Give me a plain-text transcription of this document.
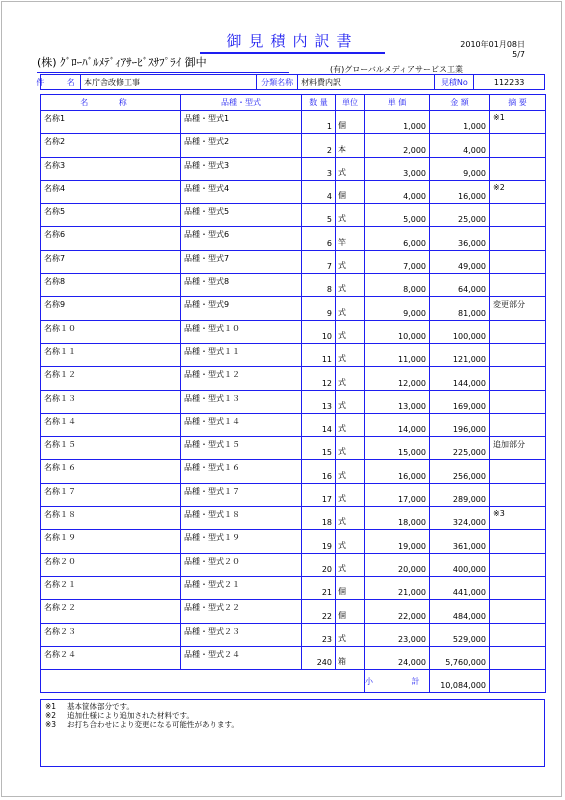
御見積内訳書	2010年01月08日
5/7
(株) ｸﾞﾛｰﾊﾞﾙﾒﾃﾞｨｱｻｰﾋﾞｽｻﾌﾟﾗｲ 御中
(有)グローバルメディアサービス工業
件 名 本庁舎改修工事	分類名称 材料費内訳	見積No	112233
名 称	品種・型式	数 量	単位	単 価	金 額	摘 要

名称1	品種・型式1	1	個	1,000	1,000	※1

名称2	品種・型式2	2	本	2,000	4,000	

名称3	品種・型式3	3	式	3,000	9,000	

名称4	品種・型式4	4	個	4,000	16,000	※2

名称5	品種・型式5	5	式	5,000	25,000	

名称6	品種・型式6	6	竿	6,000	36,000	

名称7	品種・型式7	7	式	7,000	49,000	

名称8	品種・型式8	8	式	8,000	64,000	

名称9	品種・型式9	9	式	9,000	81,000	変更部分

名称１０	品種・型式１０	10	式	10,000	100,000	

名称１１	品種・型式１１	11	式	11,000	121,000	

名称１２	品種・型式１２	12	式	12,000	144,000	

名称１３	品種・型式１３	13	式	13,000	169,000	

名称１４	品種・型式１４	14	式	14,000	196,000	

名称１５	品種・型式１５	15	式	15,000	225,000	追加部分

名称１６	品種・型式１６	16	式	16,000	256,000	

名称１７	品種・型式１７	17	式	17,000	289,000	

名称１８	品種・型式１８	18	式	18,000	324,000	※3

名称１９	品種・型式１９	19	式	19,000	361,000	

名称２０	品種・型式２０	20	式	20,000	400,000	

名称２１	品種・型式２１	21	個	21,000	441,000	

名称２２	品種・型式２２	22	個	22,000	484,000	

名称２３	品種・型式２３	23	式	23,000	529,000	

名称２４	品種・型式２４	240	箱	24,000	5,760,000	

				小 計	10,084,000	

※1	基本筐体部分です。
※2	追加仕様により追加された材料です。
※3	お打ち合わせにより変更になる可能性があります。
